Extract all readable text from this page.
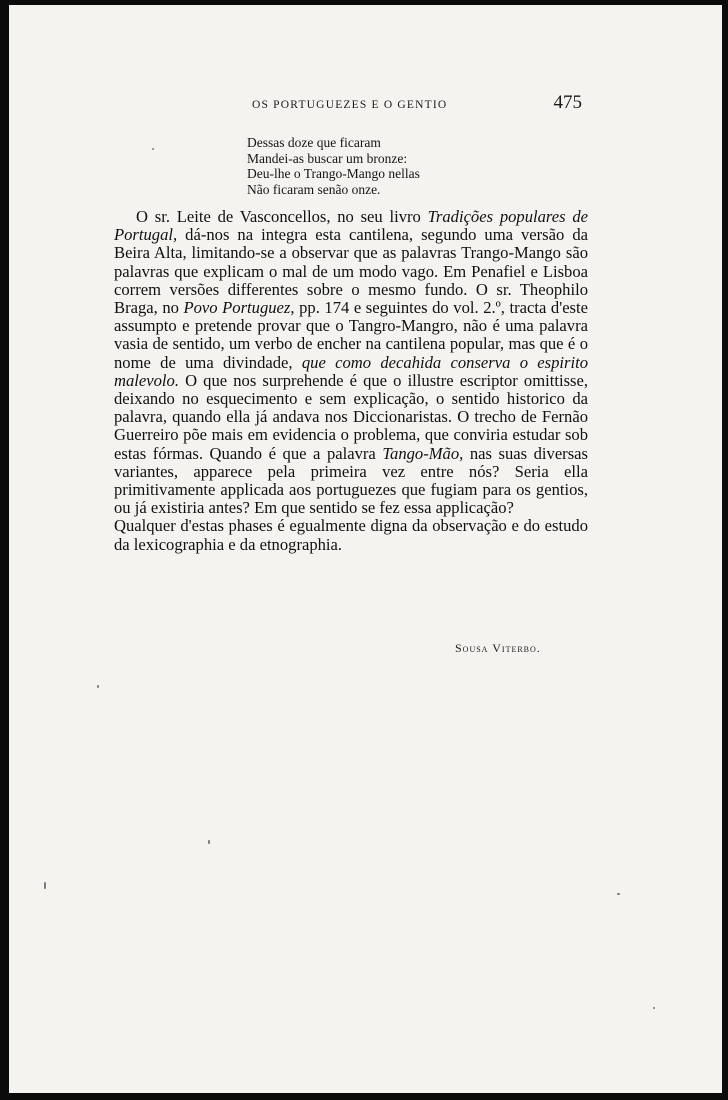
OS PORTUGUEZES E O GENTIO	475
Dessas doze que ficaram
Mandei-as buscar um bronze:
Deu-lhe o Trango-Mango nellas
Não ficaram senão onze.

O sr. Leite de Vasconcellos, no seu livro Tradições populares de Portugal, dá-nos na integra esta cantilena, segundo uma versão da Beira Alta, limitando-se a observar que as palavras Trango-Mango são palavras que explicam o mal de um modo vago. Em Penafiel e Lisboa correm versões differentes sobre o mesmo fundo. O sr. Theophilo Braga, no Povo Portuguez, pp. 174 e seguintes do vol. 2.º, tracta d'este assumpto e pretende provar que o Tangro-Mangro, não é uma palavra vasia de sentido, um verbo de encher na cantilena popular, mas que é o nome de uma divindade, que como decahida conserva o espirito malevolo. O que nos surprehende é que o illustre escriptor omittisse, deixando no esquecimento e sem explicação, o sentido historico da palavra, quando ella já andava nos Diccionaristas. O trecho de Fernão Guerreiro põe mais em evidencia o problema, que conviria estudar sob estas fórmas. Quando é que a palavra Tango-Mão, nas suas diversas variantes, apparece pela primeira vez entre nós? Seria ella primitivamente applicada aos portuguezes que fugiam para os gentios, ou já existiria antes? Em que sentido se fez essa applicação?

Qualquer d'estas phases é egualmente digna da observação e do estudo da lexicographia e da etnographia.

Sousa Viterbo.
